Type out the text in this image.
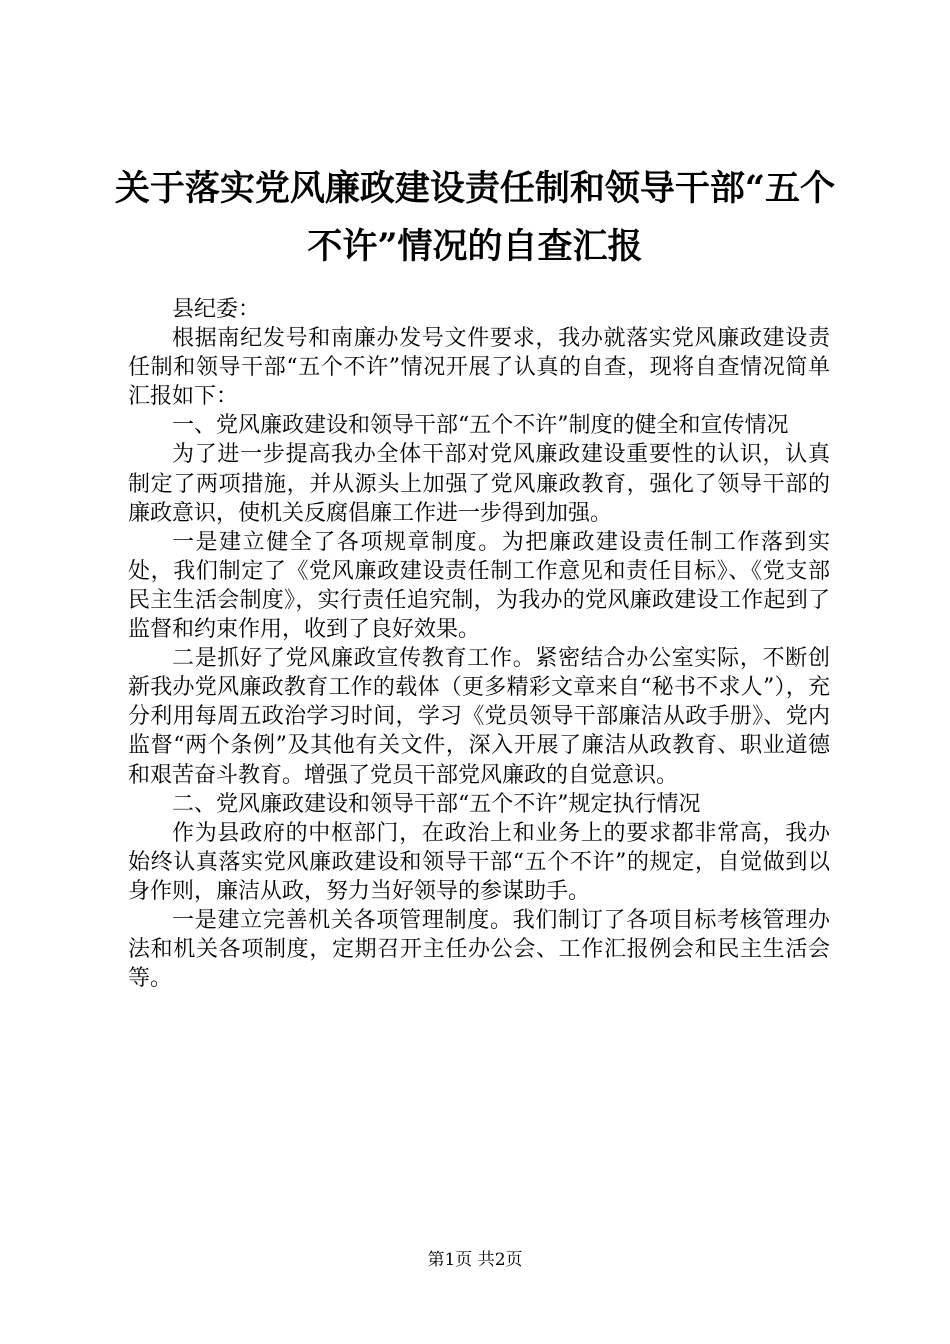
关于落实党风廉政建设责任制和领导干部“五个不许”情况的自查汇报

县纪委：

根据南纪发号和南廉办发号文件要求，我办就落实党风廉政建设责任制和领导干部“五个不许”情况开展了认真的自查，现将自查情况简单汇报如下：

一、党风廉政建设和领导干部“五个不许”制度的健全和宣传情况

为了进一步提高我办全体干部对党风廉政建设重要性的认识，认真制定了两项措施，并从源头上加强了党风廉政教育，强化了领导干部的廉政意识，使机关反腐倡廉工作进一步得到加强。

一是建立健全了各项规章制度。为把廉政建设责任制工作落到实处，我们制定了《党风廉政建设责任制工作意见和责任目标》、《党支部民主生活会制度》，实行责任追究制，为我办的党风廉政建设工作起到了监督和约束作用，收到了良好效果。

二是抓好了党风廉政宣传教育工作。紧密结合办公室实际，不断创新我办党风廉政教育工作的载体（更多精彩文章来自“秘书不求人”），充分利用每周五政治学习时间，学习《党员领导干部廉洁从政手册》、党内监督“两个条例”及其他有关文件，深入开展了廉洁从政教育、职业道德和艰苦奋斗教育。增强了党员干部党风廉政的自觉意识。

二、党风廉政建设和领导干部“五个不许”规定执行情况

作为县政府的中枢部门，在政治上和业务上的要求都非常高，我办始终认真落实党风廉政建设和领导干部“五个不许”的规定，自觉做到以身作则，廉洁从政，努力当好领导的参谋助手。

一是建立完善机关各项管理制度。我们制订了各项目标考核管理办法和机关各项制度，定期召开主任办公会、工作汇报例会和民主生活会等。

第1页 共2页
